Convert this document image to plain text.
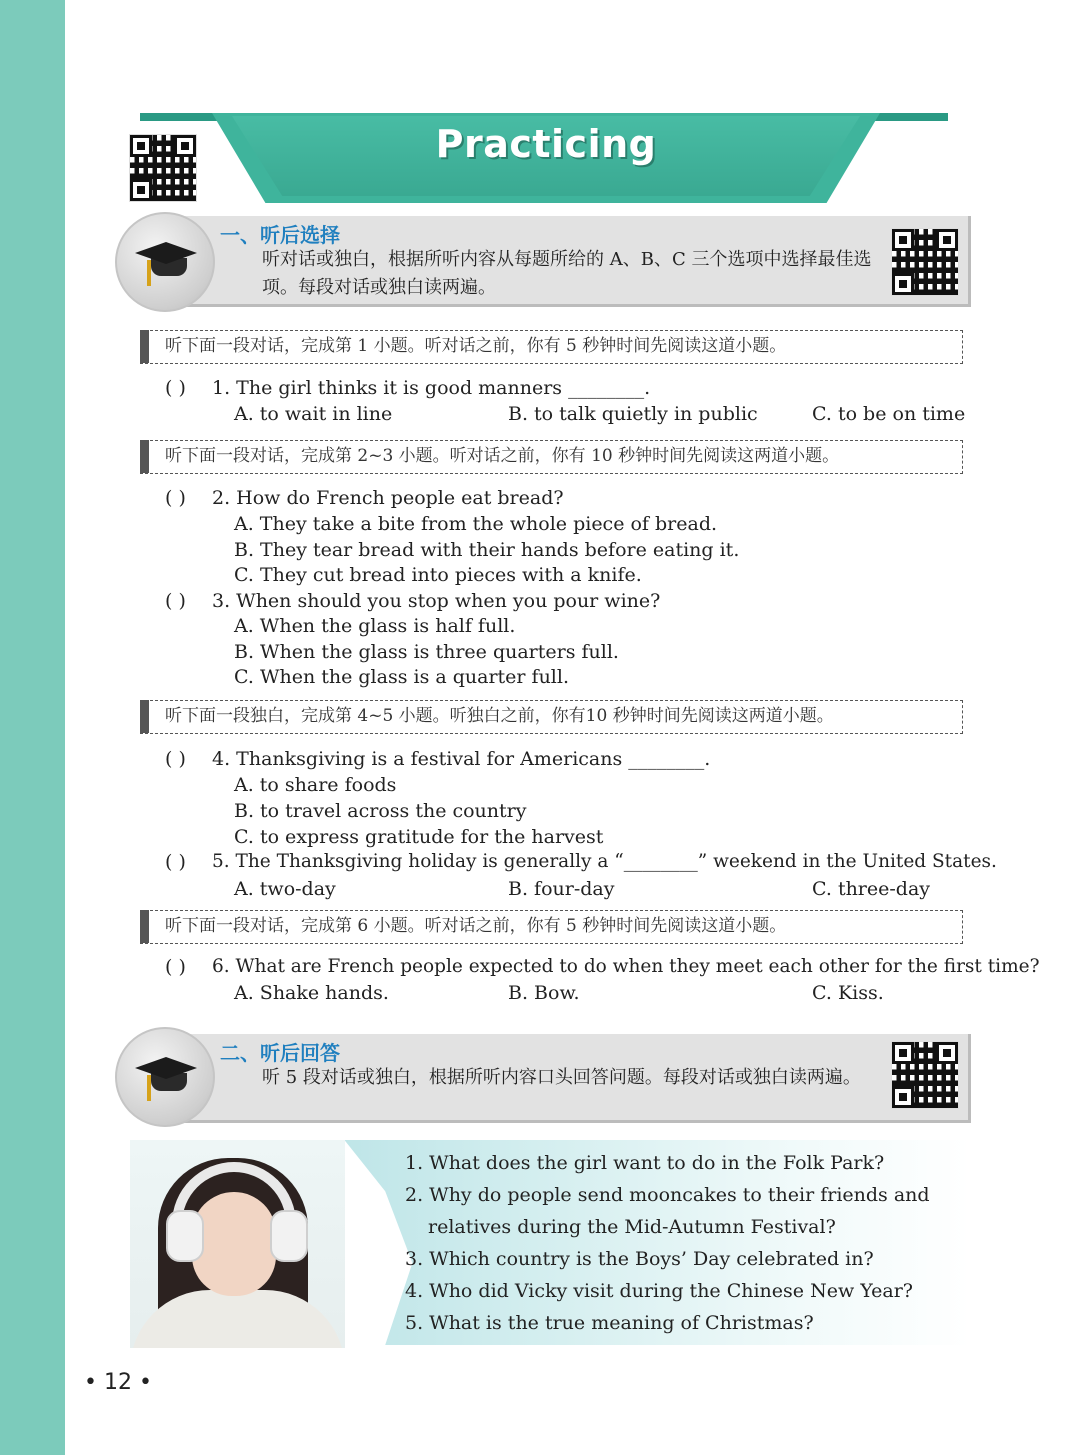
Practicing
一、听后选择
听对话或独白，根据所听内容从每题所给的 A、B、C 三个选项中选择最佳选项。每段对话或独白读两遍。
听下面一段对话，完成第 1 小题。听对话之前，你有 5 秒钟时间先阅读这道小题。
( ) 1. The girl thinks it is good manners ________.
A. to wait in line	B. to talk quietly in public	C. to be on time
听下面一段对话，完成第 2~3 小题。听对话之前，你有 10 秒钟时间先阅读这两道小题。
( ) 2. How do French people eat bread?
A. They take a bite from the whole piece of bread.
B. They tear bread with their hands before eating it.
C. They cut bread into pieces with a knife.
( ) 3. When should you stop when you pour wine?
A. When the glass is half full.
B. When the glass is three quarters full.
C. When the glass is a quarter full.
听下面一段独白，完成第 4~5 小题。听独白之前，你有10 秒钟时间先阅读这两道小题。
( ) 4. Thanksgiving is a festival for Americans ________.
A. to share foods
B. to travel across the country
C. to express gratitude for the harvest
( ) 5. The Thanksgiving holiday is generally a “________” weekend in the United States.
A. two-day	B. four-day	C. three-day
听下面一段对话，完成第 6 小题。听对话之前，你有 5 秒钟时间先阅读这道小题。
( ) 6. What are French people expected to do when they meet each other for the first time?
A. Shake hands.	B. Bow.	C. Kiss.
二、听后回答
听 5 段对话或独白，根据所听内容口头回答问题。每段对话或独白读两遍。
1. What does the girl want to do in the Folk Park?
2. Why do people send mooncakes to their friends and
relatives during the Mid-Autumn Festival?
3. Which country is the Boys’ Day celebrated in?
4. Who did Vicky visit during the Chinese New Year?
5. What is the true meaning of Christmas?
• 12 •
